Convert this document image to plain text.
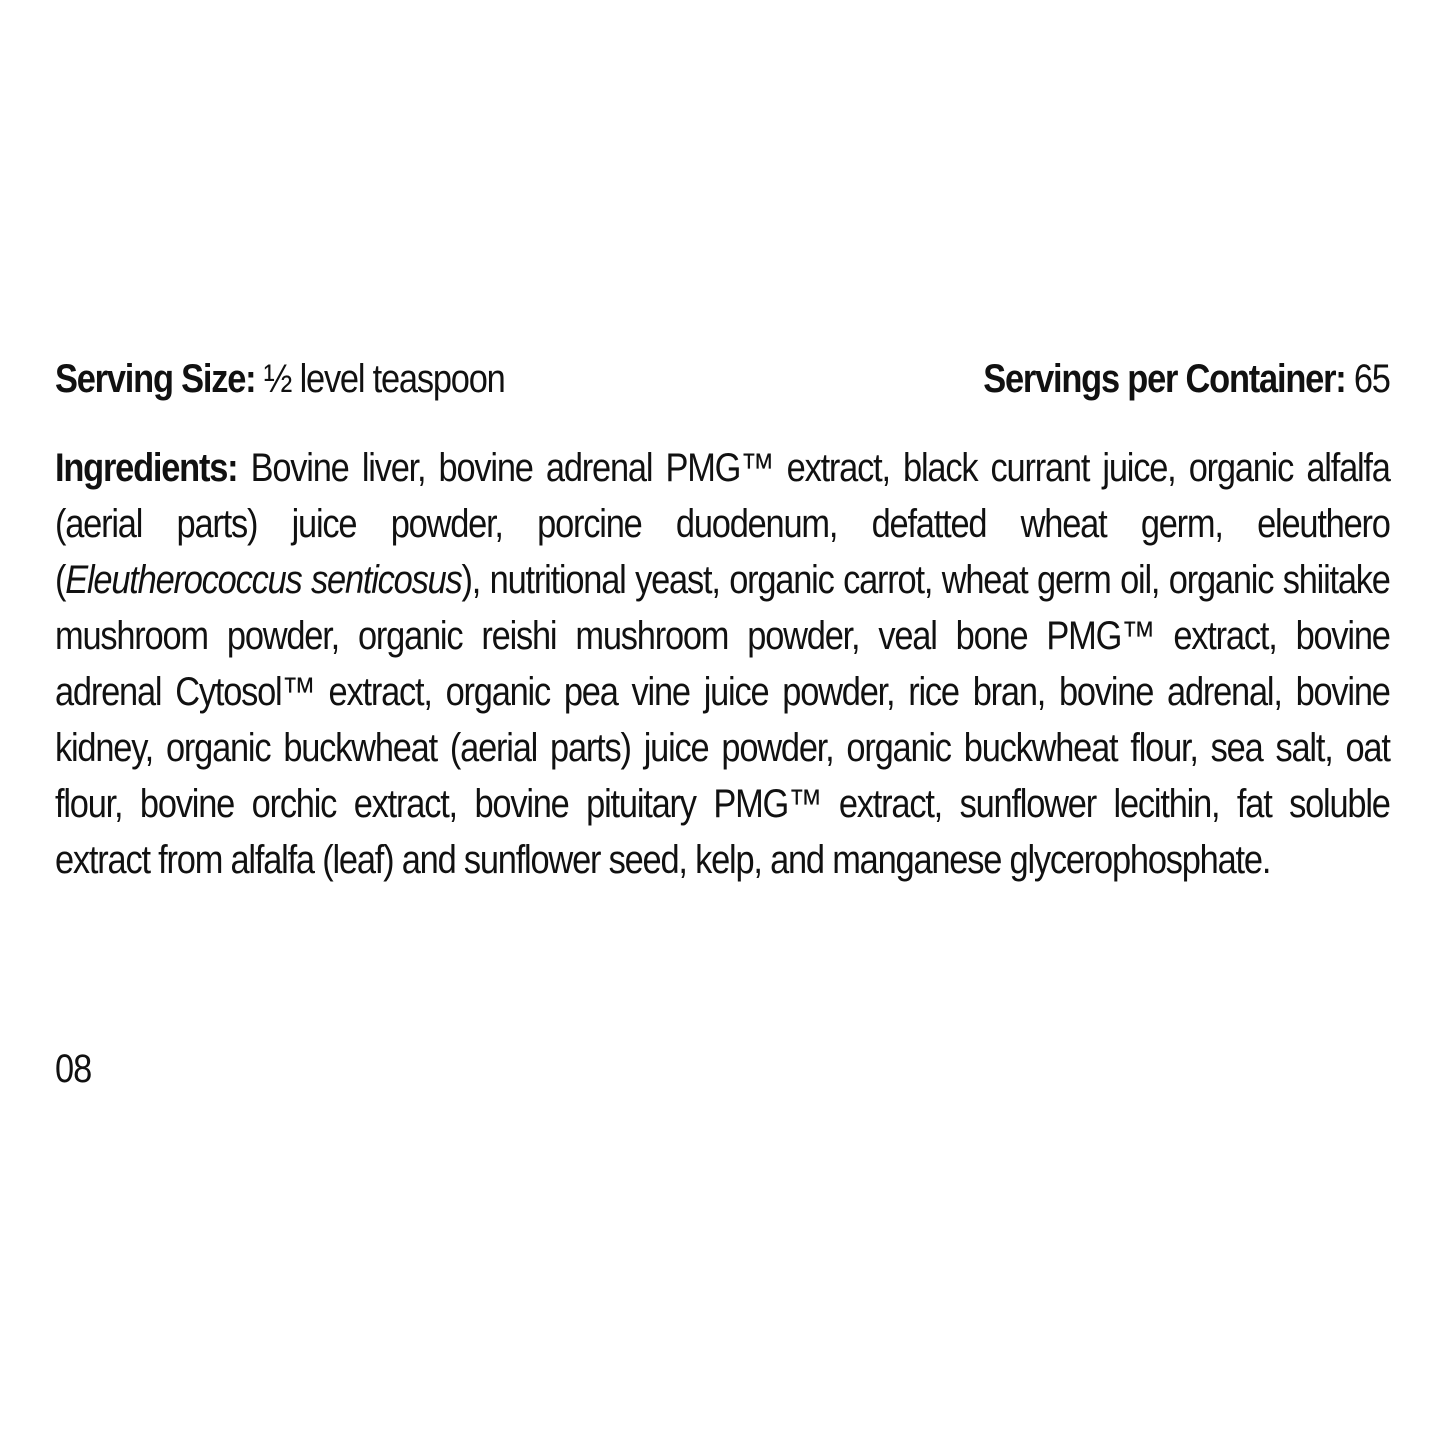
Serving Size: ½ level teaspoon	Servings per Container: 65
Ingredients: Bovine liver, bovine adrenal PMG™ extract, black currant juice, organic alfalfa (aerial parts) juice powder, porcine duodenum, defatted wheat germ, eleuthero (Eleutherococcus senticosus), nutritional yeast, organic carrot, wheat germ oil, organic shiitake mushroom powder, organic reishi mushroom powder, veal bone PMG™ extract, bovine adrenal Cytosol™ extract, organic pea vine juice powder, rice bran, bovine adrenal, bovine kidney, organic buckwheat (aerial parts) juice powder, organic buckwheat flour, sea salt, oat flour, bovine orchic extract, bovine pituitary PMG™ extract, sunflower lecithin, fat soluble extract from alfalfa (leaf) and sunflower seed, kelp, and manganese glycerophosphate.
08
